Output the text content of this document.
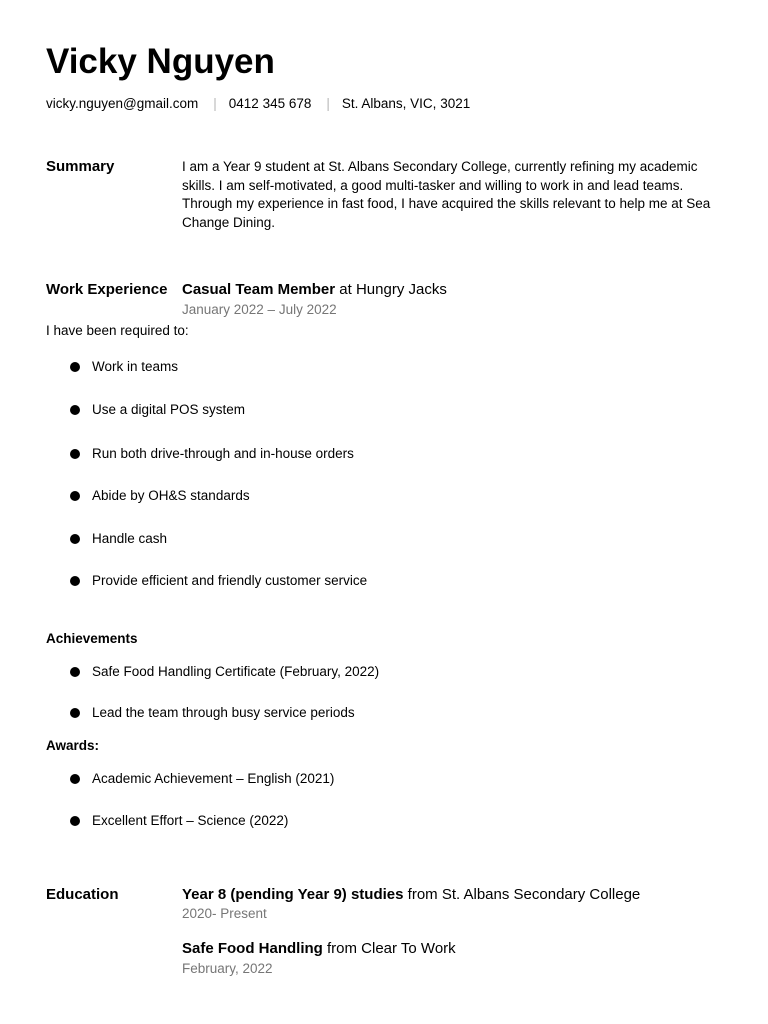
Vicky Nguyen
vicky.nguyen@gmail.com | 0412 345 678 | St. Albans, VIC, 3021
Summary	I am a Year 9 student at St. Albans Secondary College, currently refining my academic skills. I am self-motivated, a good multi-tasker and willing to work in and lead teams. Through my experience in fast food, I have acquired the skills relevant to help me at Sea Change Dining.
Work Experience Casual Team Member at Hungry Jacks
January 2022 – July 2022
I have been required to:
Work in teams
Use a digital POS system
Run both drive-through and in-house orders
Abide by OH&S standards
Handle cash
Provide efficient and friendly customer service
Achievements
Safe Food Handling Certificate (February, 2022)
Lead the team through busy service periods
Awards:
Academic Achievement – English (2021)
Excellent Effort – Science (2022)
Education	Year 8 (pending Year 9) studies from St. Albans Secondary College
2020- Present
Safe Food Handling from Clear To Work
February, 2022
